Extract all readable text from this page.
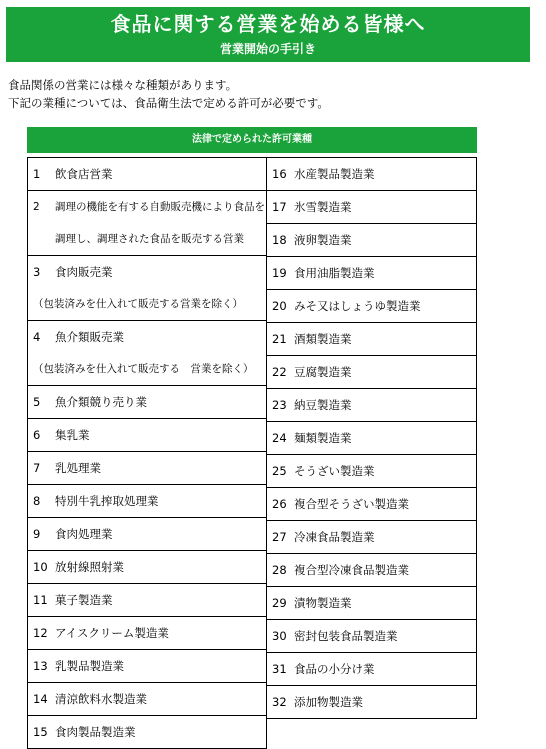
食品に関する営業を始める皆様へ
営業開始の手引き
食品関係の営業には様々な種類があります。
下記の業種については、食品衛生法で定める許可が必要です。
法律で定められた許可業種
1 飲食店営業
2 調理の機能を有する自動販売機により食品を
調理し、調理された食品を販売する営業
3 食肉販売業
（包装済みを仕入れて販売する営業を除く）
4 魚介類販売業
（包装済みを仕入れて販売する　営業を除く）
5 魚介類競り売り業
6 集乳業
7 乳処理業
8 特別牛乳搾取処理業
9 食肉処理業
10 放射線照射業
11 菓子製造業
12 アイスクリーム製造業
13 乳製品製造業
14 清涼飲料水製造業
15 食肉製品製造業
16 水産製品製造業
17 氷雪製造業
18 液卵製造業
19 食用油脂製造業
20 みそ又はしょうゆ製造業
21 酒類製造業
22 豆腐製造業
23 納豆製造業
24 麺類製造業
25 そうざい製造業
26 複合型そうざい製造業
27 冷凍食品製造業
28 複合型冷凍食品製造業
29 漬物製造業
30 密封包装食品製造業
31 食品の小分け業
32 添加物製造業
